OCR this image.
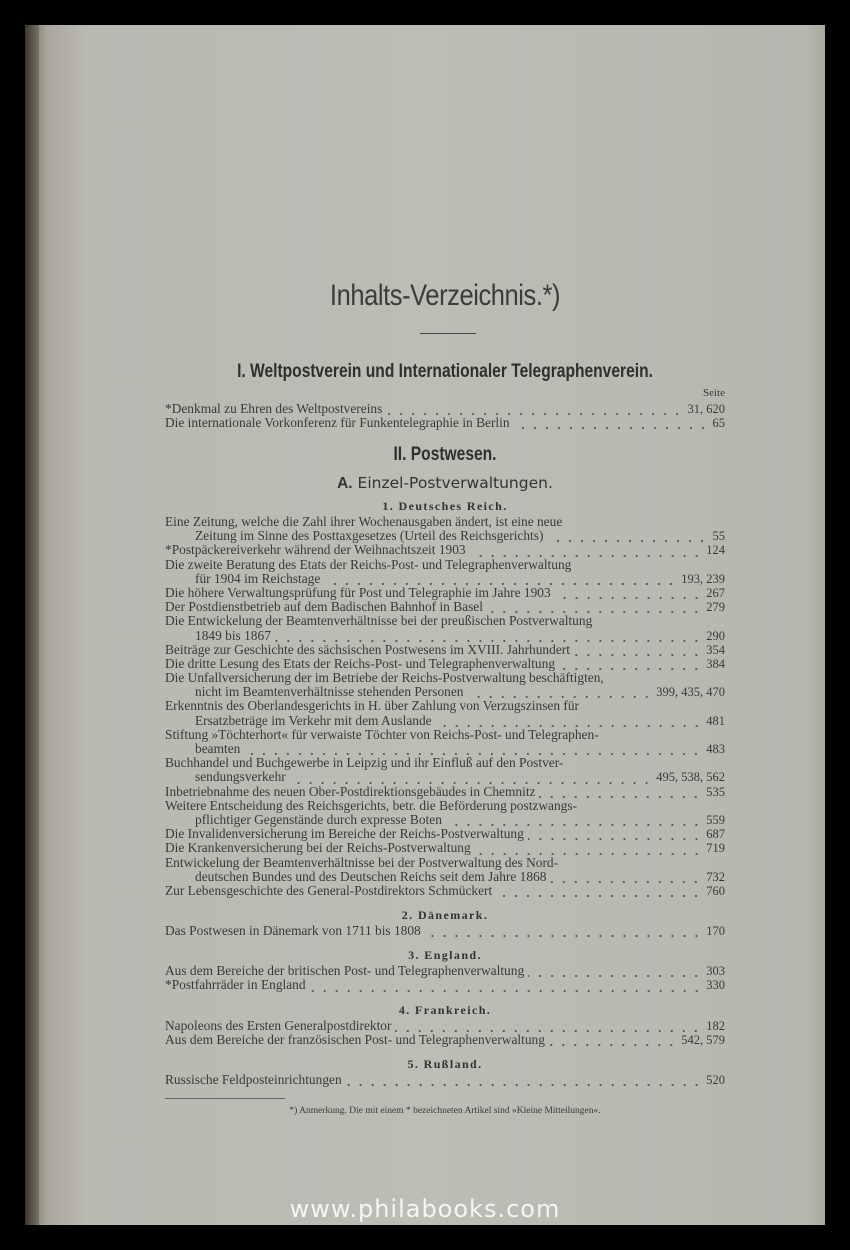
Inhalts-Verzeichnis.*)
I. Weltpostverein und Internationaler Telegraphenverein.
Seite
*Denkmal zu Ehren des Weltpostvereins	31, 620
Die internationale Vorkonferenz für Funkentelegraphie in Berlin	65
II. Postwesen.
A. Einzel-Postverwaltungen.
1. Deutsches Reich.
Eine Zeitung, welche die Zahl ihrer Wochenausgaben ändert, ist eine neue
Zeitung im Sinne des Posttaxgesetzes (Urteil des Reichsgerichts)	55
*Postpäckereiverkehr während der Weihnachtszeit 1903	124
Die zweite Beratung des Etats der Reichs-Post- und Telegraphenverwaltung
für 1904 im Reichstage	193, 239
Die höhere Verwaltungsprüfung für Post und Telegraphie im Jahre 1903	267
Der Postdienstbetrieb auf dem Badischen Bahnhof in Basel	279
Die Entwickelung der Beamtenverhältnisse bei der preußischen Postverwaltung
1849 bis 1867	290
Beiträge zur Geschichte des sächsischen Postwesens im XVIII. Jahrhundert	354
Die dritte Lesung des Etats der Reichs-Post- und Telegraphenverwaltung	384
Die Unfallversicherung der im Betriebe der Reichs-Postverwaltung beschäftigten,
nicht im Beamtenverhältnisse stehenden Personen	399, 435, 470
Erkenntnis des Oberlandesgerichts in H. über Zahlung von Verzugszinsen für
Ersatzbeträge im Verkehr mit dem Auslande	481
Stiftung »Töchterhort« für verwaiste Töchter von Reichs-Post- und Telegraphen-
beamten	483
Buchhandel und Buchgewerbe in Leipzig und ihr Einfluß auf den Postver-
sendungsverkehr	495, 538, 562
Inbetriebnahme des neuen Ober-Postdirektionsgebäudes in Chemnitz	535
Weitere Entscheidung des Reichsgerichts, betr. die Beförderung postzwangs-
pflichtiger Gegenstände durch expresse Boten	559
Die Invalidenversicherung im Bereiche der Reichs-Postverwaltung	687
Die Krankenversicherung bei der Reichs-Postverwaltung	719
Entwickelung der Beamtenverhältnisse bei der Postverwaltung des Nord-
deutschen Bundes und des Deutschen Reichs seit dem Jahre 1868	732
Zur Lebensgeschichte des General-Postdirektors Schmückert	760
2. Dänemark.
Das Postwesen in Dänemark von 1711 bis 1808	170
3. England.
Aus dem Bereiche der britischen Post- und Telegraphenverwaltung	303
*Postfahrräder in England	330
4. Frankreich.
Napoleons des Ersten Generalpostdirektor	182
Aus dem Bereiche der französischen Post- und Telegraphenverwaltung	542, 579
5. Rußland.
Russische Feldposteinrichtungen	520
*) Anmerkung. Die mit einem * bezeichneten Artikel sind »Kleine Mitteilungen«.
www.philabooks.com
